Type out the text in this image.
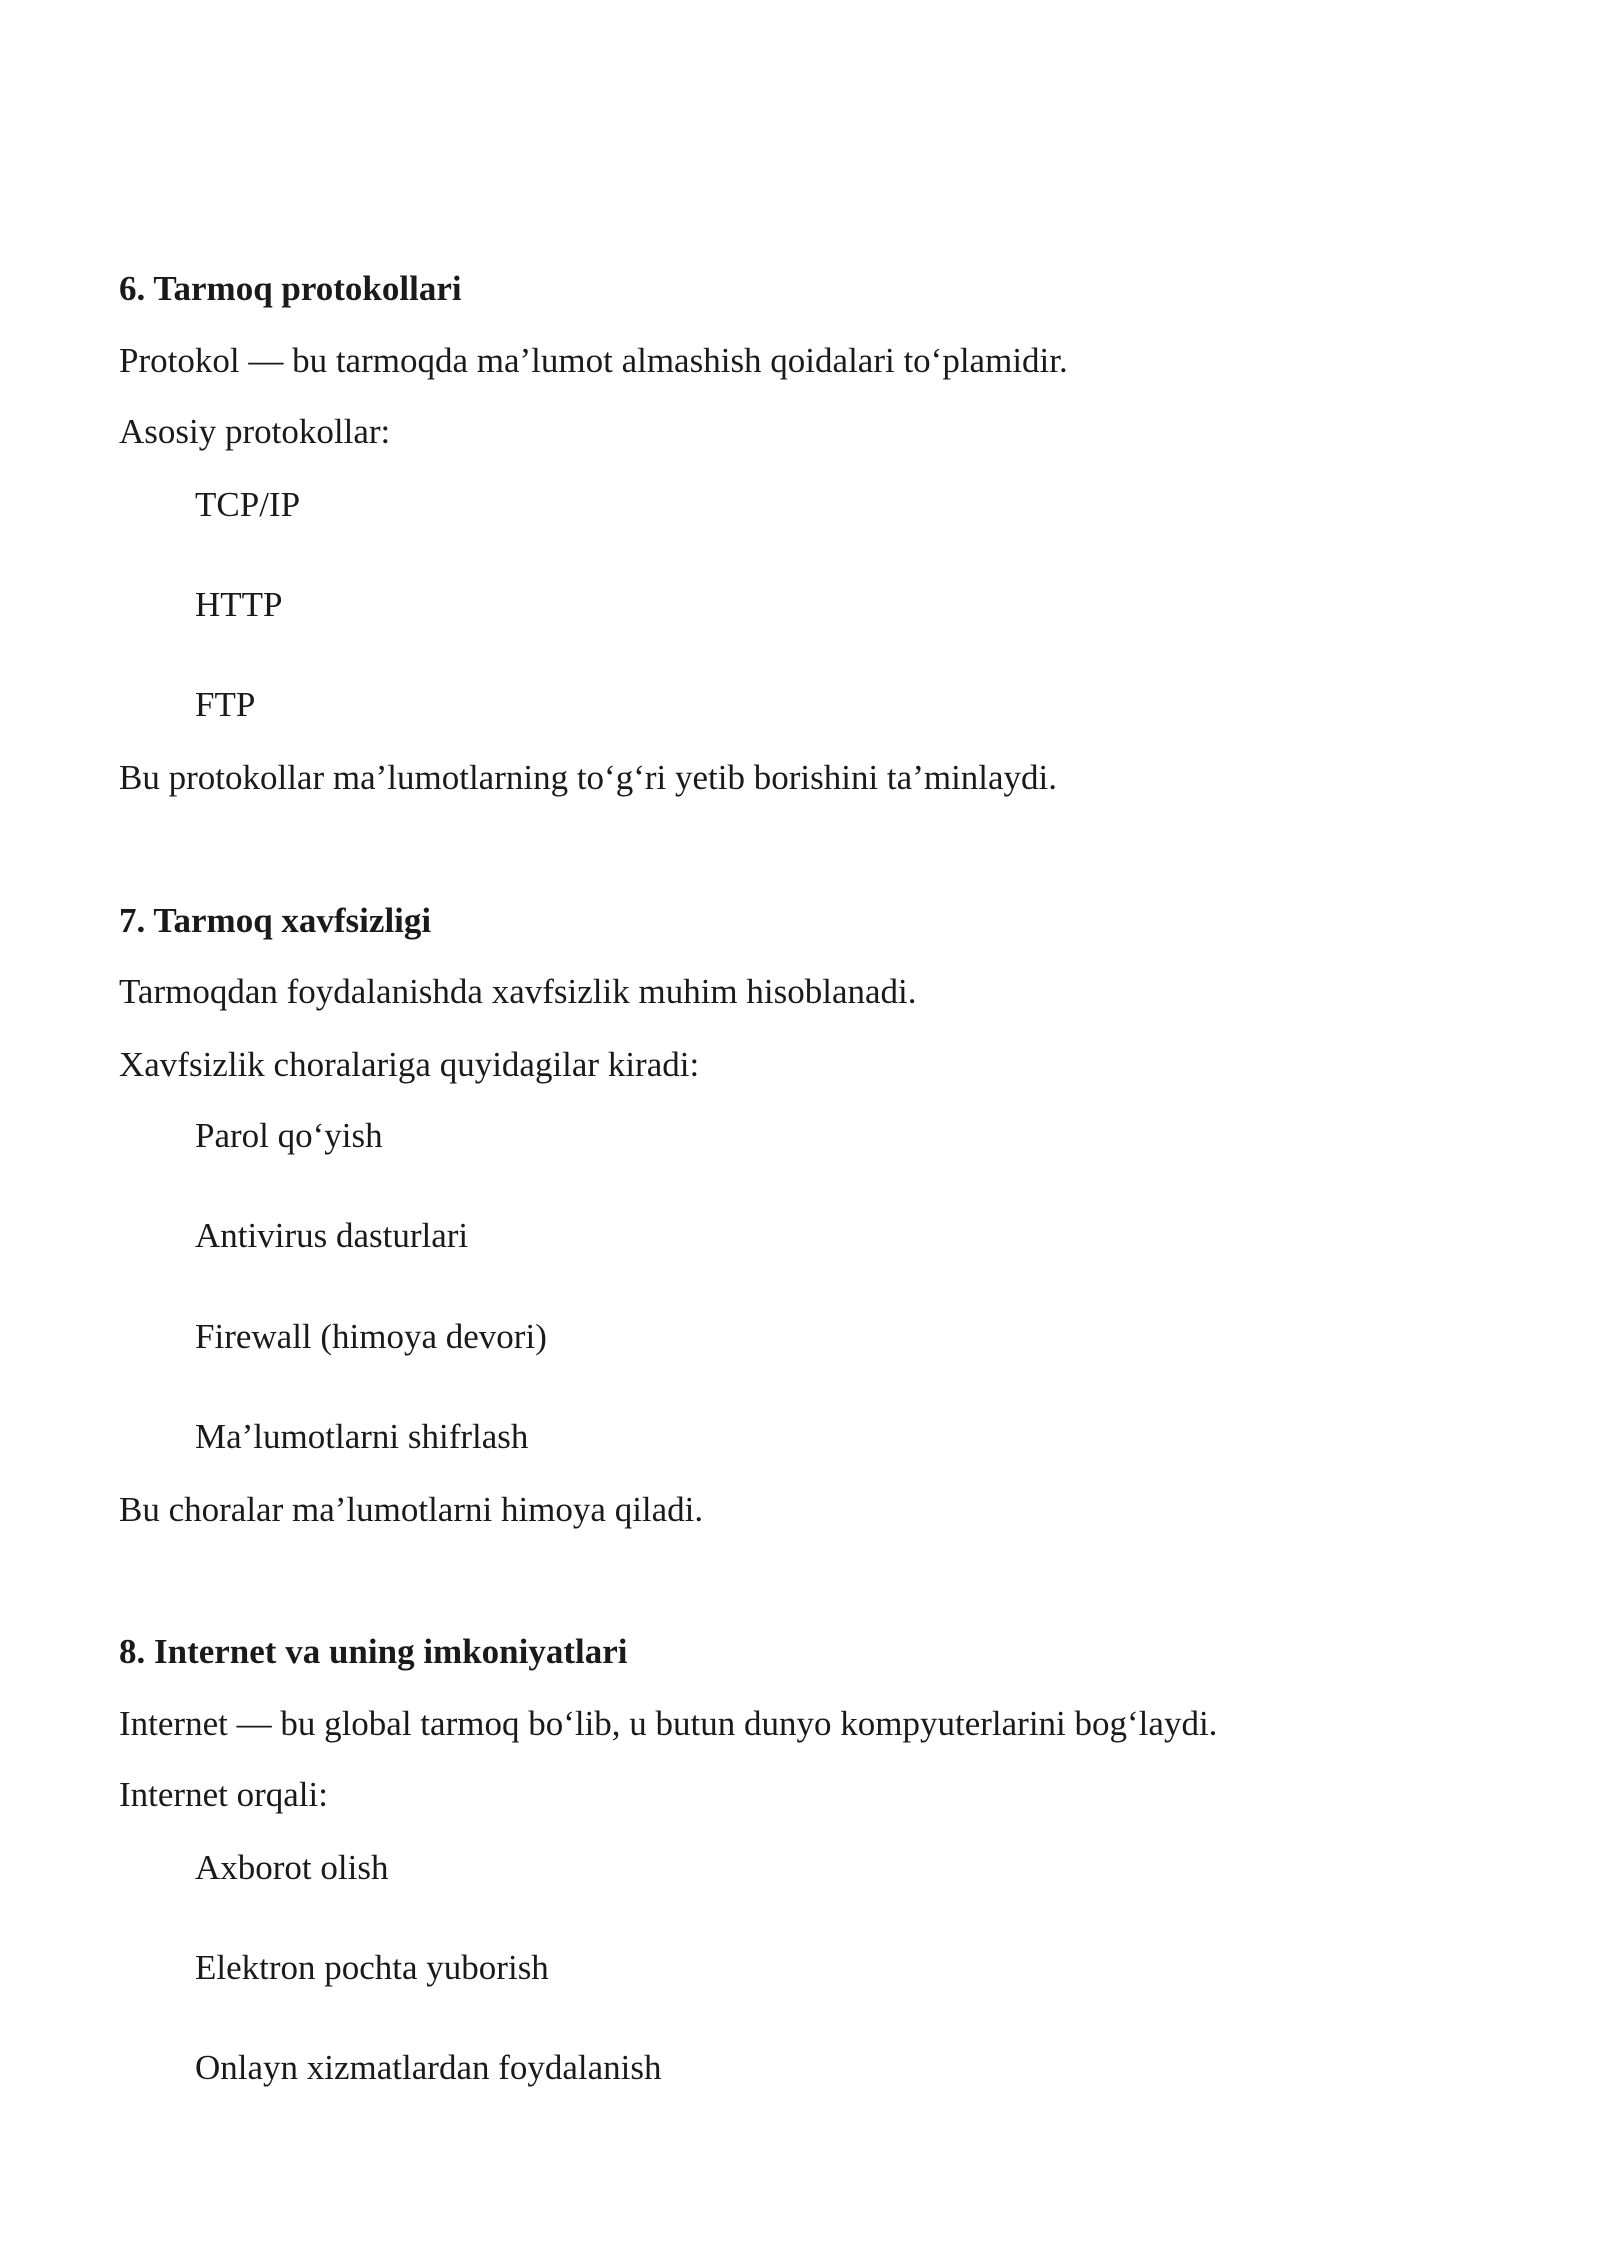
6. Tarmoq protokollari
Protokol — bu tarmoqda ma’lumot almashish qoidalari to‘plamidir.
Asosiy protokollar:
TCP/IP
HTTP
FTP
Bu protokollar ma’lumotlarning to‘g‘ri yetib borishini ta’minlaydi.
7. Tarmoq xavfsizligi
Tarmoqdan foydalanishda xavfsizlik muhim hisoblanadi.
Xavfsizlik choralariga quyidagilar kiradi:
Parol qo‘yish
Antivirus dasturlari
Firewall (himoya devori)
Ma’lumotlarni shifrlash
Bu choralar ma’lumotlarni himoya qiladi.
8. Internet va uning imkoniyatlari
Internet — bu global tarmoq bo‘lib, u butun dunyo kompyuterlarini bog‘laydi.
Internet orqali:
Axborot olish
Elektron pochta yuborish
Onlayn xizmatlardan foydalanish
